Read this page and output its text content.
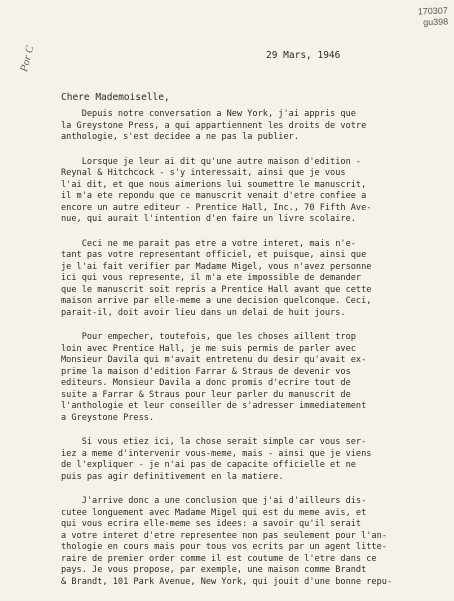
170307
gu398
Por C	29 Mars, 1946
Chere Mademoiselle,

Depuis notre conversation a New York, j'ai appris que
la Greystone Press, a qui appartiennent les droits de votre
anthologie, s'est decidee a ne pas la publier.

Lorsque je leur ai dit qu'une autre maison d'edition -
Reynal & Hitchcock - s'y interessait, ainsi que je vous
l'ai dit, et que nous aimerions lui soumettre le manuscrit,
il m'a ete repondu que ce manuscrit venait d'etre confiee a
encore un autre editeur - Prentice Hall, Inc., 70 Fifth Ave-
nue, qui aurait l'intention d'en faire un livre scolaire.

Ceci ne me parait pas etre a votre interet, mais n'e-
tant pas votre representant officiel, et puisque, ainsi que
je l'ai fait verifier par Madame Migel, vous n'avez personne
ici qui vous represente, il m'a ete impossible de demander
que le manuscrit soit repris a Prentice Hall avant que cette
maison arrive par elle-meme a une decision quelconque. Ceci,
parait-il, doit avoir lieu dans un delai de huit jours.

Pour empecher, toutefois, que les choses aillent trop
loin avec Prentice Hall, je me suis permis de parler avec
Monsieur Davila qui m'avait entretenu du desir qu'avait ex-
prime la maison d'edition Farrar & Straus de devenir vos
editeurs. Monsieur Davila a donc promis d'ecrire tout de
suite a Farrar & Straus pour leur parler du manuscrit de
l'anthologie et leur conseiller de s'adresser immediatement
a Greystone Press.

Si vous etiez ici, la chose serait simple car vous ser-
iez a meme d'intervenir vous-meme, mais - ainsi que je viens
de l'expliquer - je n'ai pas de capacite officielle et ne
puis pas agir definitivement en la matiere.

J'arrive donc a une conclusion que j'ai d'ailleurs dis-
cutee longuement avec Madame Migel qui est du meme avis, et
qui vous ecrira elle-meme ses idees: a savoir qu'il serait
a votre interet d'etre representee non pas seulement pour l'an-
thologie en cours mais pour tous vos ecrits par un agent litte-
raire de premier order comme il est coutume de l'etre dans ce
pays. Je vous propose, par exemple, une maison comme Brandt
& Brandt, 101 Park Avenue, New York, qui jouit d'une bonne repu-
